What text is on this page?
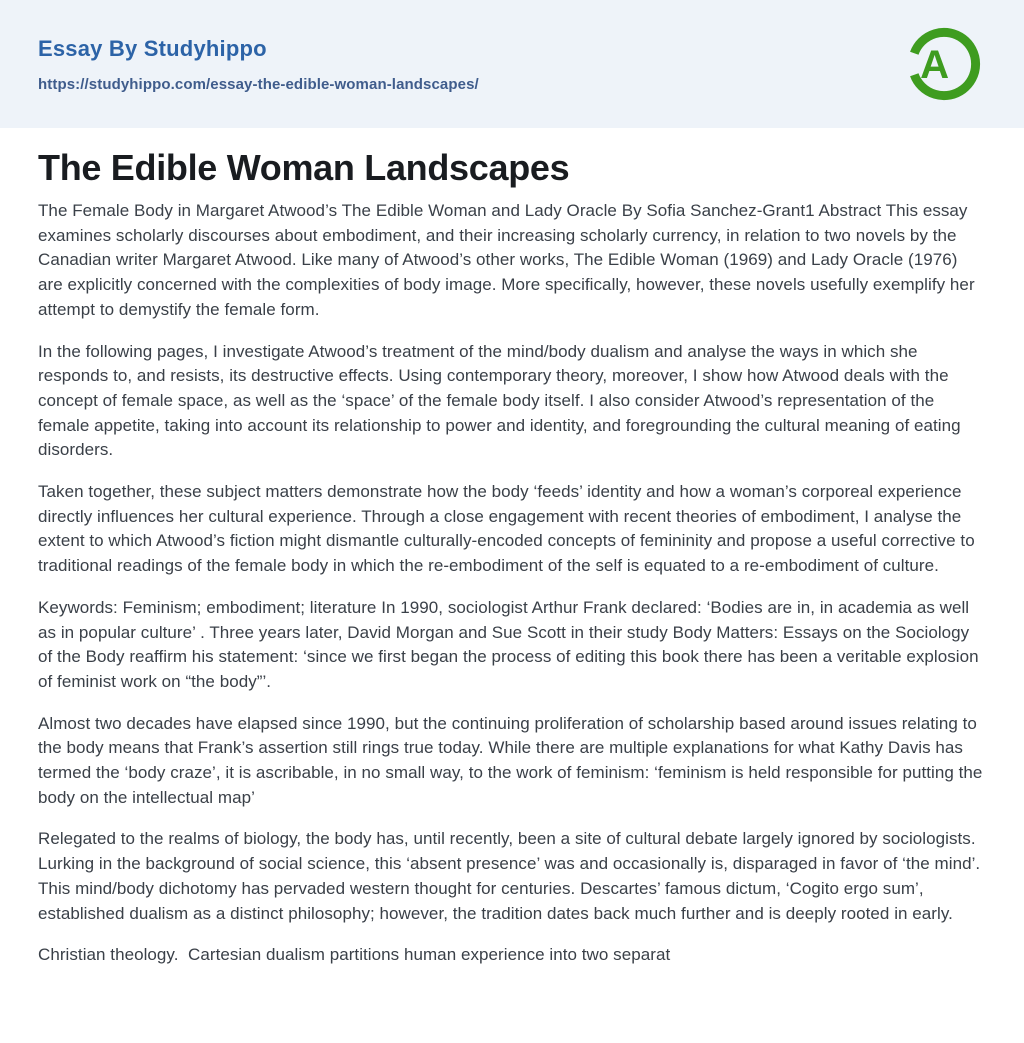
Essay By Studyhippo
https://studyhippo.com/essay-the-edible-woman-landscapes/	A
The Edible Woman Landscapes

The Female Body in Margaret Atwood’s The Edible Woman and Lady Oracle By Sofia Sanchez-Grant1 Abstract This essay examines scholarly discourses about embodiment, and their increasing scholarly currency, in relation to two novels by the Canadian writer Margaret Atwood. Like many of Atwood’s other works, The Edible Woman (1969) and Lady Oracle (1976) are explicitly concerned with the complexities of body image. More specifically, however, these novels usefully exemplify her attempt to demystify the female form.

In the following pages, I investigate Atwood’s treatment of the mind/body dualism and analyse the ways in which she responds to, and resists, its destructive effects. Using contemporary theory, moreover, I show how Atwood deals with the concept of female space, as well as the ‘space’ of the female body itself. I also consider Atwood’s representation of the female appetite, taking into account its relationship to power and identity, and foregrounding the cultural meaning of eating disorders.

Taken together, these subject matters demonstrate how the body ‘feeds’ identity and how a woman’s corporeal experience directly influences her cultural experience. Through a close engagement with recent theories of embodiment, I analyse the extent to which Atwood’s fiction might dismantle culturally-encoded concepts of femininity and propose a useful corrective to traditional readings of the female body in which the re-embodiment of the self is equated to a re-embodiment of culture.

Keywords: Feminism; embodiment; literature In 1990, sociologist Arthur Frank declared: ‘Bodies are in, in academia as well as in popular culture’ . Three years later, David Morgan and Sue Scott in their study Body Matters: Essays on the Sociology of the Body reaffirm his statement: ‘since we first began the process of editing this book there has been a veritable explosion of feminist work on “the body”’.

Almost two decades have elapsed since 1990, but the continuing proliferation of scholarship based around issues relating to the body means that Frank’s assertion still rings true today. While there are multiple explanations for what Kathy Davis has termed the ‘body craze’, it is ascribable, in no small way, to the work of feminism: ‘feminism is held responsible for putting the body on the intellectual map’

Relegated to the realms of biology, the body has, until recently, been a site of cultural debate largely ignored by sociologists. Lurking in the background of social science, this ‘absent presence’ was and occasionally is, disparaged in favor of ‘the mind’.  This mind/body dichotomy has pervaded western thought for centuries. Descartes’ famous dictum, ‘Cogito ergo sum’, established dualism as a distinct philosophy; however, the tradition dates back much further and is deeply rooted in early.

Christian theology.  Cartesian dualism partitions human experience into two separat
